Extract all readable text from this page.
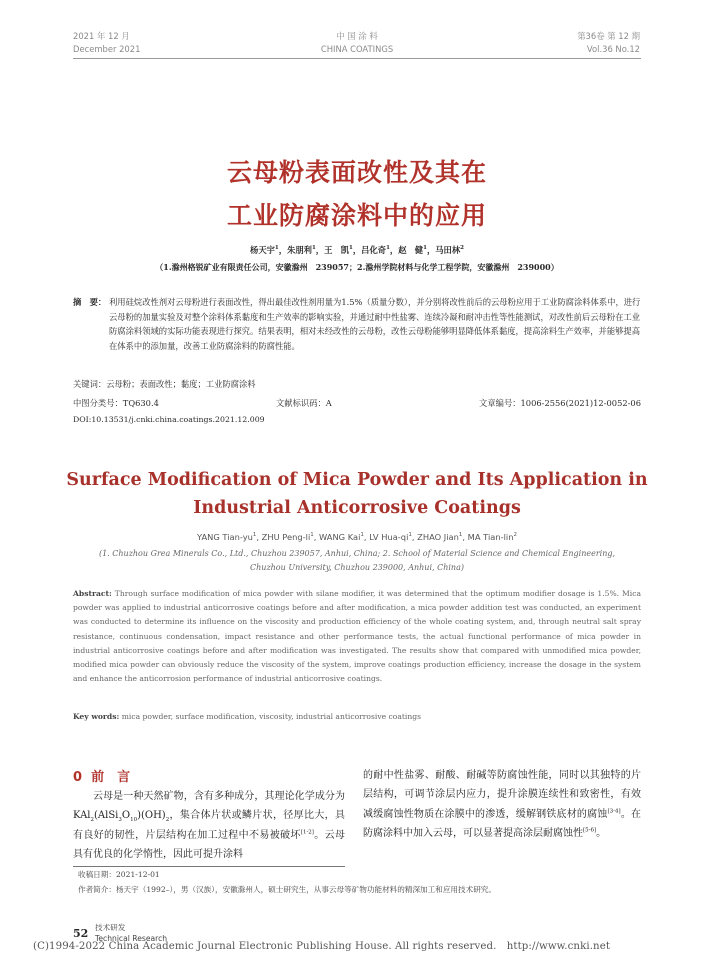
2021 年 12 月
December 2021
中 国 涂 料
CHINA COATINGS
第36卷 第 12 期
Vol.36 No.12
云母粉表面改性及其在
工业防腐涂料中的应用
杨天宇$^1$，朱朋利$^1$，王　凯$^1$，吕化奇$^1$，赵　健$^1$，马田林$^2$
（1.滁州格锐矿业有限责任公司，安徽滁州　239057；2.滁州学院材料与化学工程学院，安徽滁州　239000）
摘　要： 利用硅烷改性剂对云母粉进行表面改性，得出最佳改性剂用量为1.5%（质量分数），并分别将改性前后的云母粉应用于工业防腐涂料体系中，进行云母粉的加量实验及对整个涂料体系黏度和生产效率的影响实验，并通过耐中性盐雾、连续冷凝和耐冲击性等性能测试，对改性前后云母粉在工业防腐涂料领域的实际功能表现进行探究。结果表明，相对未经改性的云母粉，改性云母粉能够明显降低体系黏度，提高涂料生产效率，并能够提高在体系中的添加量，改善工业防腐涂料的防腐性能。
关键词：云母粉；表面改性；黏度；工业防腐涂料
中图分类号：TQ630.4	文献标识码：A	文章编号：1006-2556(2021)12-0052-06
DOI:10.13531/j.cnki.china.coatings.2021.12.009
Surface Modification of Mica Powder and Its Application in
Industrial Anticorrosive Coatings
YANG Tian-$yu^1$, ZHU Peng-$li^1$, WANG Kai$^1$, LV Hua-$qi^1$, ZHAO Jian$^1$, MA Tian-lin$^2$
(1. Chuzhou Grea Minerals Co., Ltd., Chuzhou 239057, Anhui, China; 2. School of Material Science and Chemical Engineering,
Chuzhou University, Chuzhou 239000, Anhui, China)
Abstract: Through surface modification of mica powder with silane modifier, it was determined that the optimum modifier dosage is 1.5%. Mica powder was applied to industrial anticorrosive coatings before and after modification, a mica powder addition test was conducted, an experiment was conducted to determine its influence on the viscosity and production efficiency of the whole coating system, and, through neutral salt spray resistance, continuous condensation, impact resistance and other performance tests, the actual functional performance of mica powder in industrial anticorrosive coatings before and after modification was investigated. The results show that compared with unmodified mica powder, modified mica powder can obviously reduce the viscosity of the system, improve coatings production efficiency, increase the dosage in the system and enhance the anticorrosion performance of industrial anticorrosive coatings.
Key words: mica powder, surface modification, viscosity, industrial anticorrosive coatings
0 前　言
云母是一种天然矿物，含有多种成分，其理论化学成分为$KAl_2(AlSi_3O_{10})(OH)_2$，集合体片状或鳞片状，径厚比大，具有良好的韧性，片层结构在加工过程中不易被破坏[1-2]。云母具有优良的化学惰性，因此可提升涂料
的耐中性盐雾、耐酸、耐碱等防腐蚀性能，同时以其独特的片层结构，可调节涂层内应力，提升涂膜连续性和致密性，有效减缓腐蚀性物质在涂膜中的渗透，缓解钢铁底材的腐蚀[3-4]。在防腐涂料中加入云母，可以显著提高涂层耐腐蚀性[5-6]。
收稿日期：2021-12-01
作者简介：杨天宇（1992–），男（汉族），安徽滁州人，硕士研究生，从事云母等矿物功能材料的精深加工和应用技术研究。
52 技术研发
Technical Research
(C)1994-2022 China Academic Journal Electronic Publishing House. All rights reserved.　http://www.cnki.net
